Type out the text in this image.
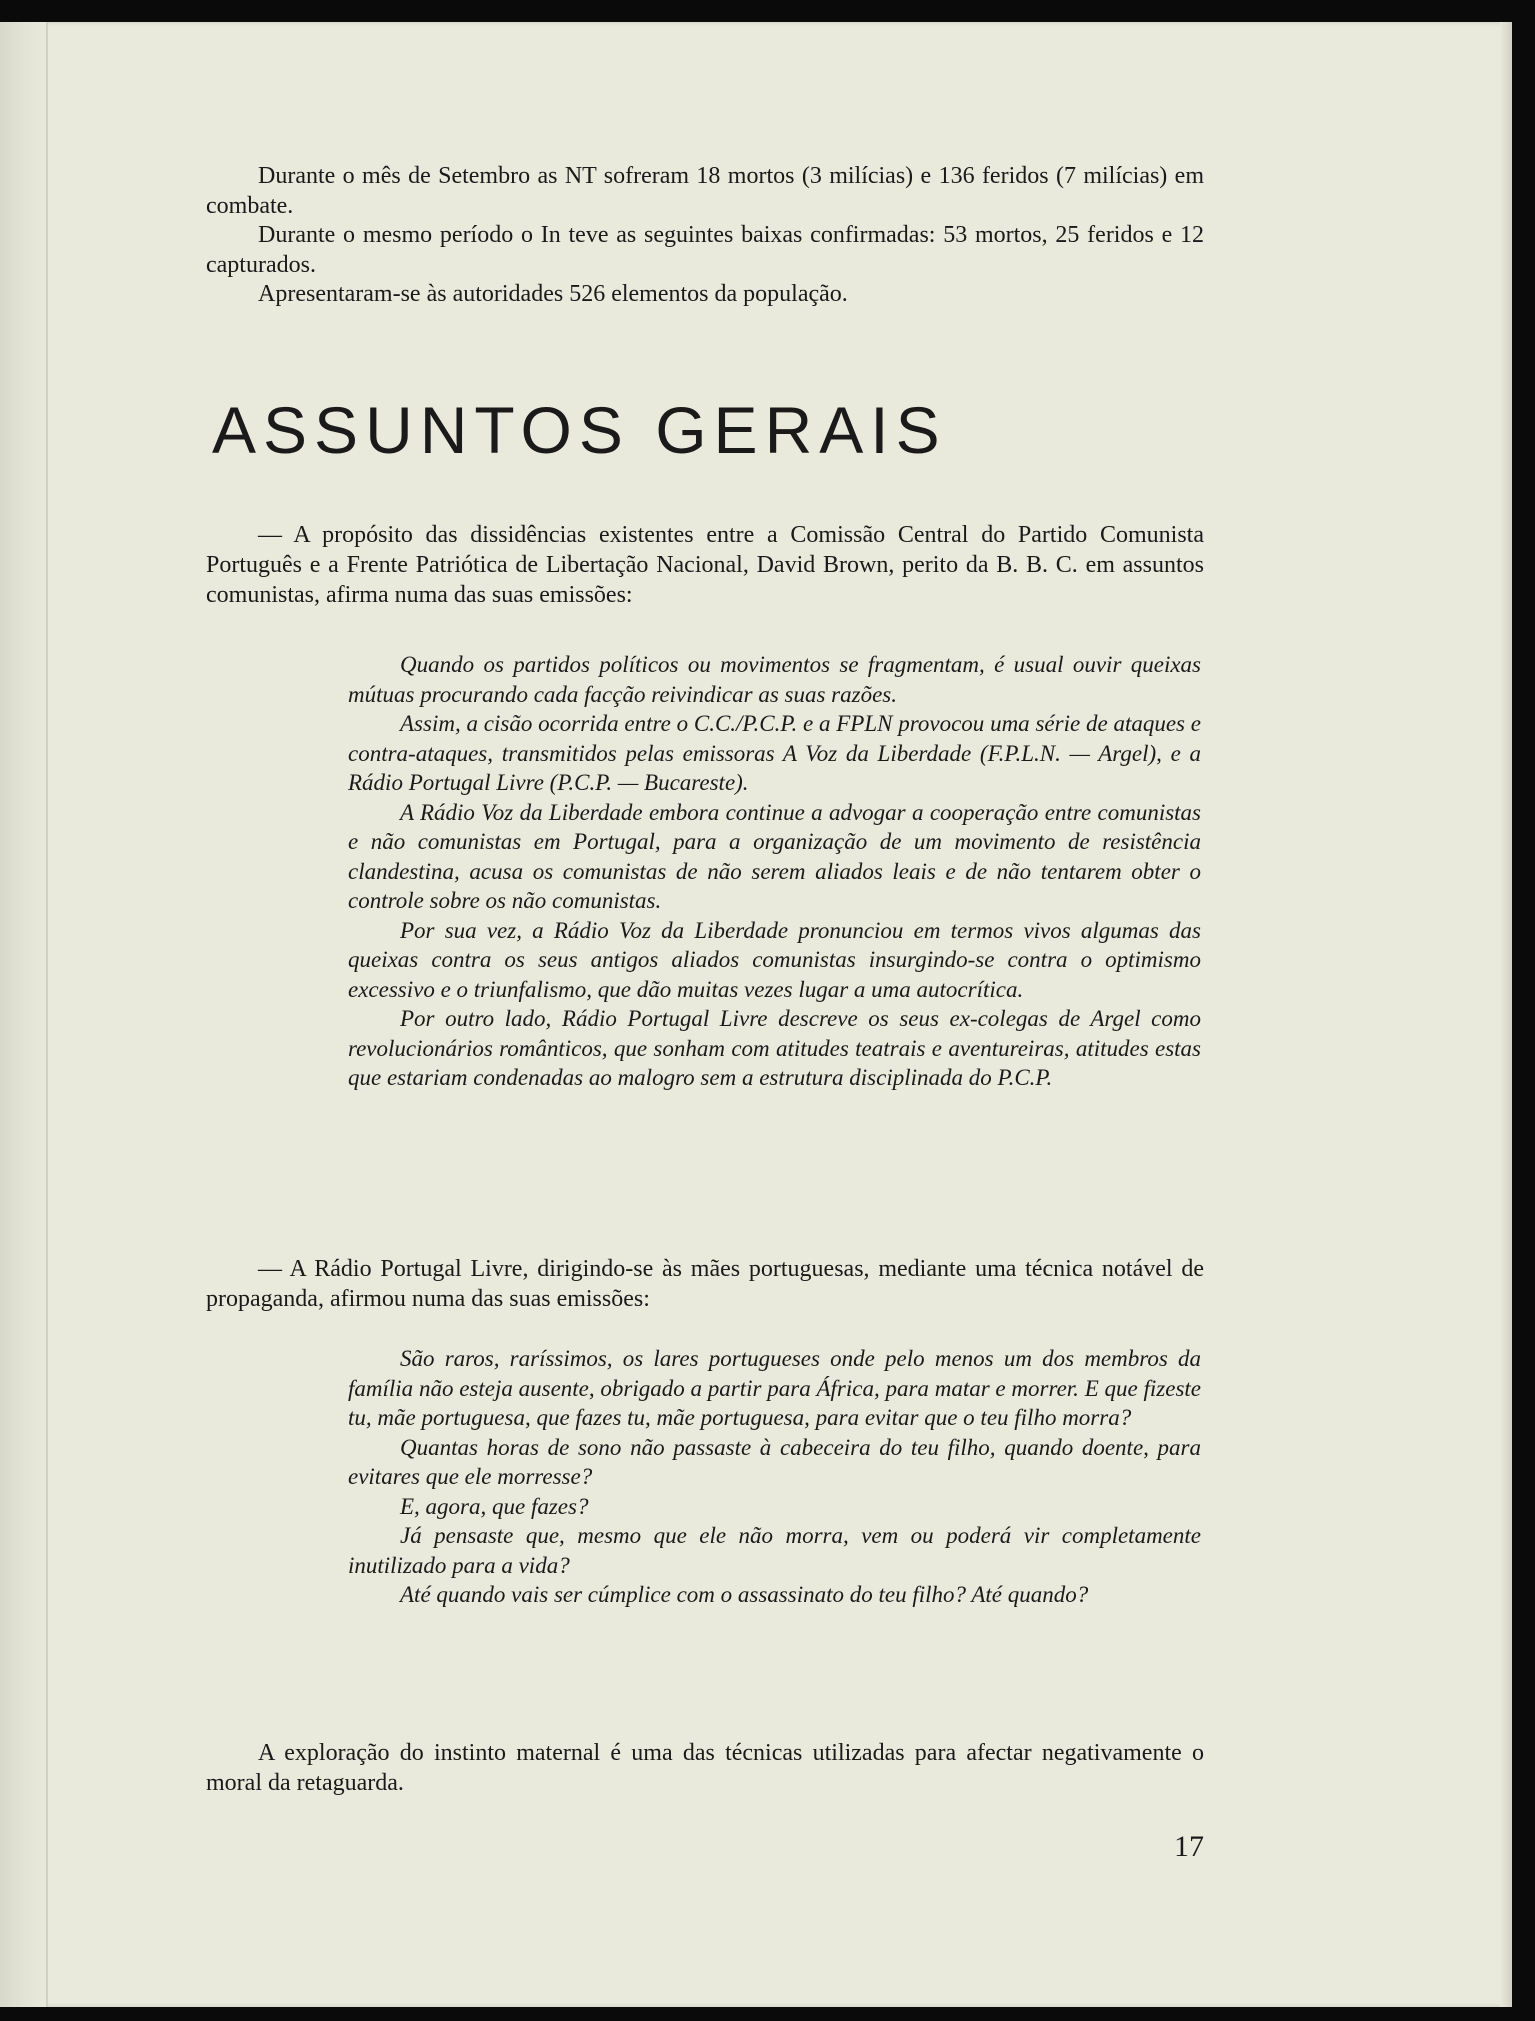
Durante o mês de Setembro as NT sofreram 18 mortos (3 milícias) e 136 feridos (7 milícias) em combate.

Durante o mesmo período o In teve as seguintes baixas confirmadas: 53 mortos, 25 feridos e 12 capturados.

Apresentaram-se às autoridades 526 elementos da população.

ASSUNTOS GERAIS

— A propósito das dissidências existentes entre a Comissão Central do Partido Comunista Português e a Frente Patriótica de Libertação Nacional, David Brown, perito da B. B. C. em assuntos comunistas, afirma numa das suas emissões:

Quando os partidos políticos ou movimentos se fragmentam, é usual ouvir queixas mútuas procurando cada facção reivindicar as suas razões.

Assim, a cisão ocorrida entre o C.C./P.C.P. e a FPLN provocou uma série de ataques e contra-ataques, transmitidos pelas emissoras A Voz da Liberdade (F.P.L.N. — Argel), e a Rádio Portugal Livre (P.C.P. — Bucareste).

A Rádio Voz da Liberdade embora continue a advogar a cooperação entre comunistas e não comunistas em Portugal, para a organização de um movimento de resistência clandestina, acusa os comunistas de não serem aliados leais e de não tentarem obter o controle sobre os não comunistas.

Por sua vez, a Rádio Voz da Liberdade pronunciou em termos vivos algumas das queixas contra os seus antigos aliados comunistas insurgindo-se contra o optimismo excessivo e o triunfalismo, que dão muitas vezes lugar a uma autocrítica.

Por outro lado, Rádio Portugal Livre descreve os seus ex-colegas de Argel como revolucionários românticos, que sonham com atitudes teatrais e aventureiras, atitudes estas que estariam condenadas ao malogro sem a estrutura disciplinada do P.C.P.

— A Rádio Portugal Livre, dirigindo-se às mães portuguesas, mediante uma técnica notável de propaganda, afirmou numa das suas emissões:

São raros, raríssimos, os lares portugueses onde pelo menos um dos membros da família não esteja ausente, obrigado a partir para África, para matar e morrer. E que fizeste tu, mãe portuguesa, que fazes tu, mãe portuguesa, para evitar que o teu filho morra?

Quantas horas de sono não passaste à cabeceira do teu filho, quando doente, para evitares que ele morresse?

E, agora, que fazes?

Já pensaste que, mesmo que ele não morra, vem ou poderá vir completamente inutilizado para a vida?

Até quando vais ser cúmplice com o assassinato do teu filho? Até quando?

A exploração do instinto maternal é uma das técnicas utilizadas para afectar negativamente o moral da retaguarda.

17
